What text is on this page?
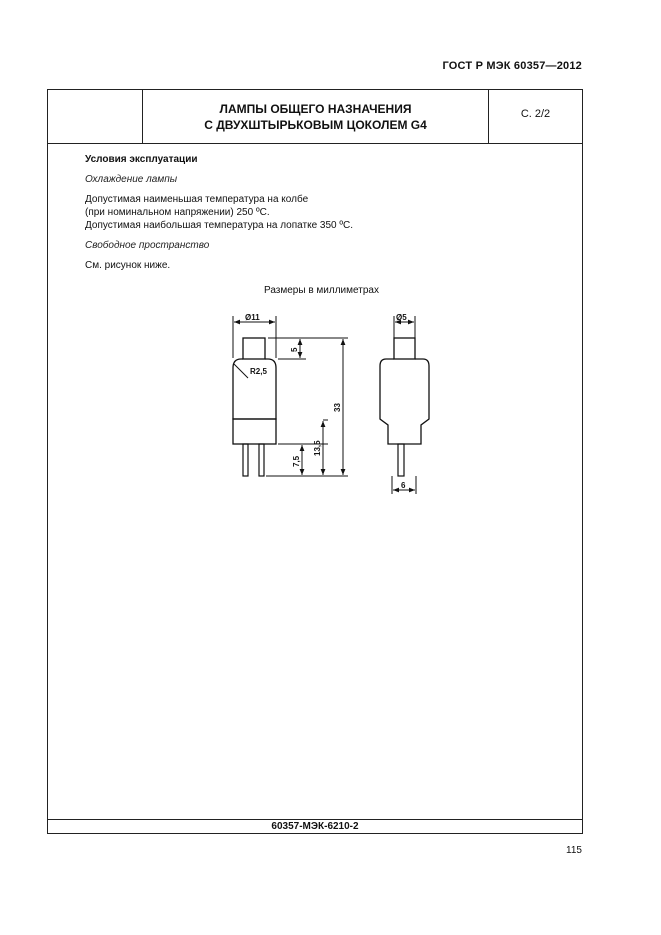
ГОСТ Р МЭК 60357—2012
ЛАМПЫ ОБЩЕГО НАЗНАЧЕНИЯ
С ДВУХШТЫРЬКОВЫМ ЦОКОЛЕМ G4
С. 2/2
Условия эксплуатации
Охлаждение лампы
Допустимая наименьшая температура на колбе
(при номинальном напряжении) 250 ºС.
Допустимая наибольшая температура на лопатке 350 ºС.
Свободное пространство
См. рисунок ниже.
Размеры в миллиметрах
60357-МЭК-6210-2
115
Ø11	Ø5
R2,5
5
33
13,5
7,5
6
